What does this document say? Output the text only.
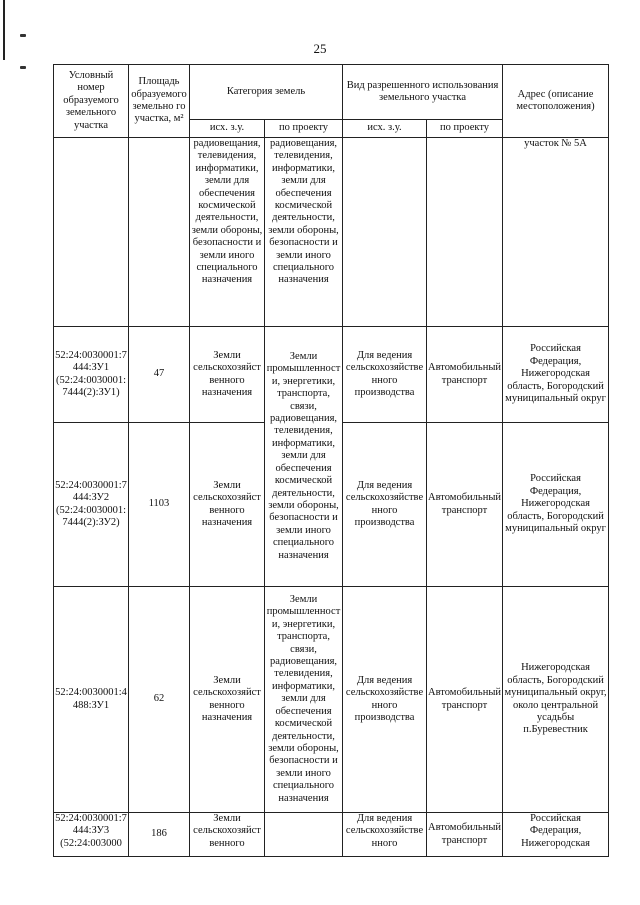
25
Условный номер образуемого земельного участка	Площадь образуемого земельно го участка, м²	Категория земель		Вид разрешенного использования земельного участка		Адрес (описание местоположения)
		исх. з.у.	по проекту	исх. з.у.	по проекту	
		радиовещания, телевидения, информатики, земли для обеспечения космической деятельности, земли обороны, безопасности и земли иного специального назначения	радиовещания, телевидения, информатики, земли для обеспечения космической деятельности, земли обороны, безопасности и земли иного специального назначения			участок № 5А
52:24:0030001:7444:ЗУ1 (52:24:0030001:7444(2):ЗУ1)	47	Земли сельскохозяйственного назначения	Земли промышленности, энергетики, транспорта, связи, радиовещания, телевидения, информатики, земли для обеспечения космической деятельности, земли обороны, безопасности и земли иного специального назначения	Для ведения сельскохозяйственного производства	Автомобильный транспорт	Российская Федерация, Нижегородская область, Богородский муниципальный округ
52:24:0030001:7444:ЗУ2 (52:24:0030001:7444(2):ЗУ2)	1103	Земли сельскохозяйственного назначения		Для ведения сельскохозяйственного производства	Автомобильный транспорт	Российская Федерация, Нижегородская область, Богородский муниципальный округ
52:24:0030001:4488:ЗУ1	62	Земли сельскохозяйственного назначения	Земли промышленности, энергетики, транспорта, связи, радиовещания, телевидения, информатики, земли для обеспечения космической деятельности, земли обороны, безопасности и земли иного специального назначения	Для ведения сельскохозяйственного производства	Автомобильный транспорт	Нижегородская область, Богородский муниципальный округ, около центральной усадьбы п.Буревестник
52:24:0030001:7444:ЗУ3 (52:24:003000	186	Земли сельскохозяйственного		Для ведения сельскохозяйственного	Автомобильный транспорт	Российская Федерация, Нижегородская
